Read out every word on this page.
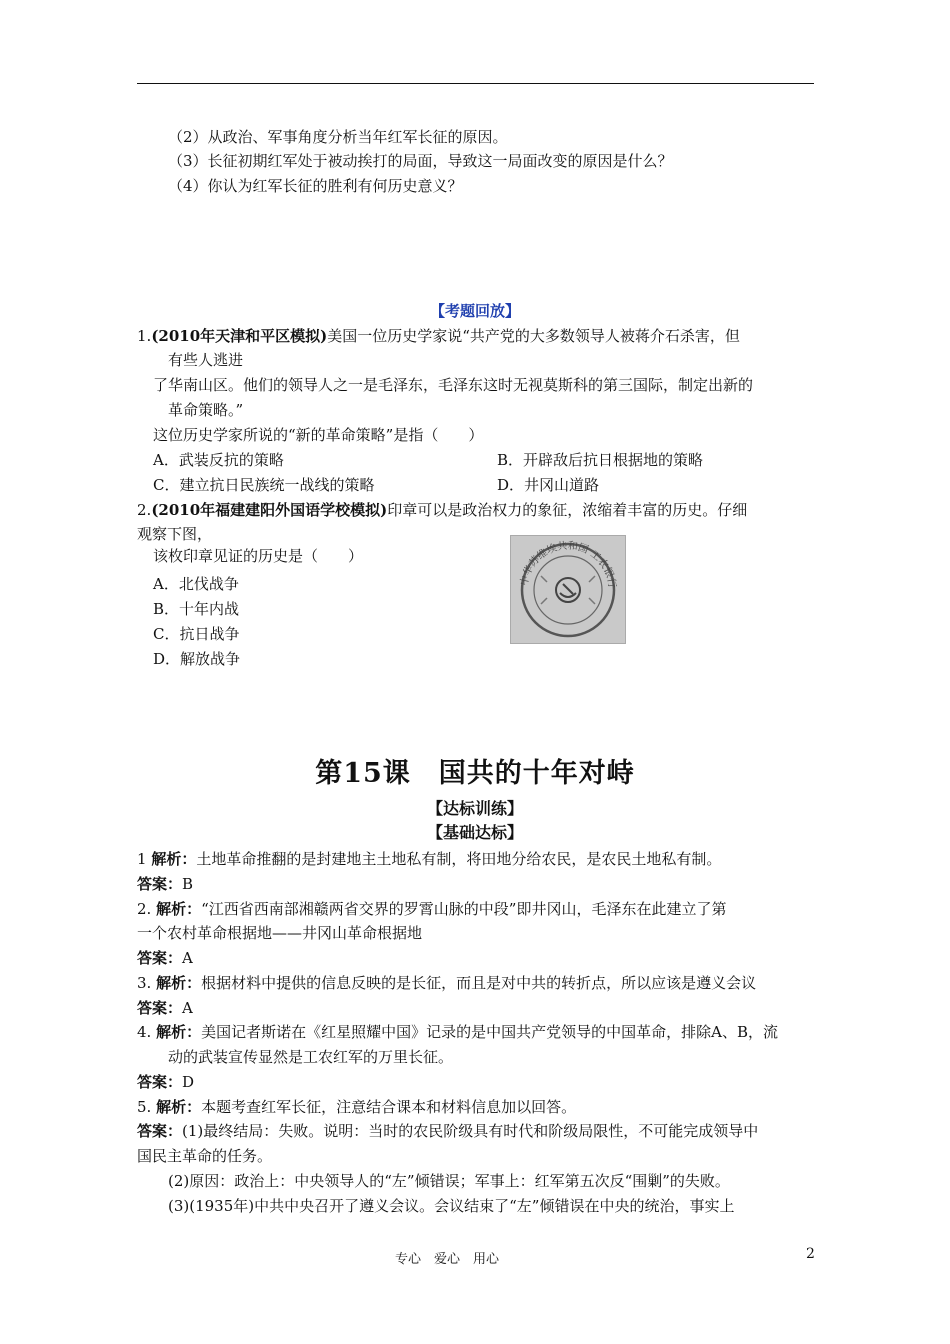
（2）从政治、军事角度分析当年红军长征的原因。
（3）长征初期红军处于被动挨打的局面，导致这一局面改变的原因是什么？
（4）你认为红军长征的胜利有何历史意义？
【考题回放】
1.(2010年天津和平区模拟)美国一位历史学家说“共产党的大多数领导人被蒋介石杀害，但
有些人逃进
了华南山区。他们的领导人之一是毛泽东，毛泽东这时无视莫斯科的第三国际，制定出新的
革命策略。”
这位历史学家所说的“新的革命策略”是指（　　）
A．武装反抗的策略	B．开辟敌后抗日根据地的策略
C．建立抗日民族统一战线的策略	D．井冈山道路
2.(2010年福建建阳外国语学校模拟)印章可以是政治权力的象征，浓缩着丰富的历史。仔细
观察下图，
该枚印章见证的历史是（　　）
A．北伐战争
B．十年内战
C．抗日战争
D．解放战争
中华苏维埃共和国 工农银行
第15课　国共的十年对峙
【达标训练】
【基础达标】
1 解析：土地革命推翻的是封建地主土地私有制，将田地分给农民，是农民土地私有制。
答案：B
2. 解析：“江西省西南部湘赣两省交界的罗霄山脉的中段”即井冈山，毛泽东在此建立了第
一个农村革命根据地——井冈山革命根据地
答案：A
3. 解析：根据材料中提供的信息反映的是长征，而且是对中共的转折点，所以应该是遵义会议
答案：A
4. 解析：美国记者斯诺在《红星照耀中国》记录的是中国共产党领导的中国革命，排除A、B，流
动的武装宣传显然是工农红军的万里长征。
答案：D
5. 解析：本题考查红军长征，注意结合课本和材料信息加以回答。
答案：(1)最终结局：失败。说明：当时的农民阶级具有时代和阶级局限性，不可能完成领导中
国民主革命的任务。
(2)原因：政治上：中央领导人的“左”倾错误；军事上：红军第五次反“围剿”的失败。
(3)(1935年)中共中央召开了遵义会议。会议结束了“左”倾错误在中央的统治，事实上
专心　爱心　用心	2
